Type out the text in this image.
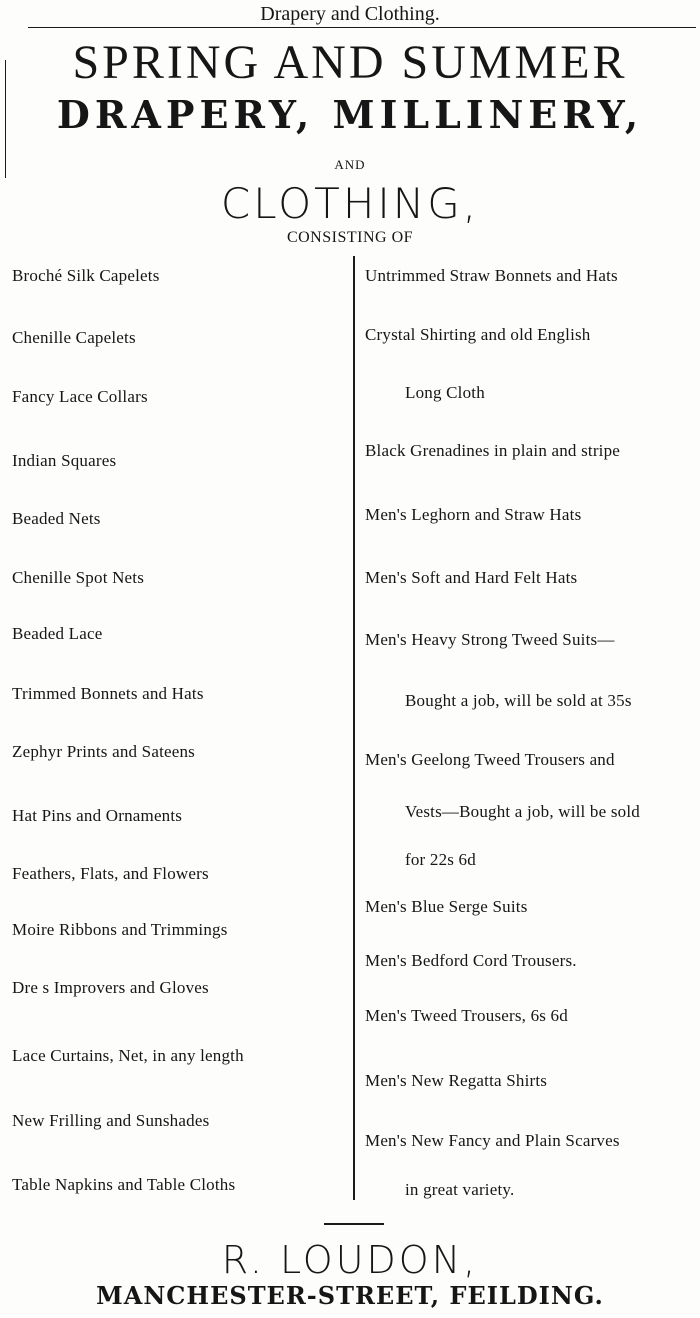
Drapery and Clothing.
SPRING AND SUMMER
DRAPERY, MILLINERY,
AND
CLOTHING,
CONSISTING OF
Broché Silk Capelets
Chenille Capelets
Fancy Lace Collars
Indian Squares
Beaded Nets
Chenille Spot Nets
Beaded Lace
Trimmed Bonnets and Hats
Zephyr Prints and Sateens
Hat Pins and Ornaments
Feathers, Flats, and Flowers
Moire Ribbons and Trimmings
Dre s Improvers and Gloves
Lace Curtains, Net, in any length
New Frilling and Sunshades
Table Napkins and Table Cloths
Untrimmed Straw Bonnets and Hats
Crystal Shirting and old English
Long Cloth
Black Grenadines in plain and stripe
Men's Leghorn and Straw Hats
Men's Soft and Hard Felt Hats
Men's Heavy Strong Tweed Suits—
Bought a job, will be sold at 35s
Men's Geelong Tweed Trousers and
Vests—Bought a job, will be sold
for 22s 6d
Men's Blue Serge Suits
Men's Bedford Cord Trousers.
Men's Tweed Trousers, 6s 6d
Men's New Regatta Shirts
Men's New Fancy and Plain Scarves
in great variety.
R. LOUDON,
MANCHESTER-STREET, FEILDING.
